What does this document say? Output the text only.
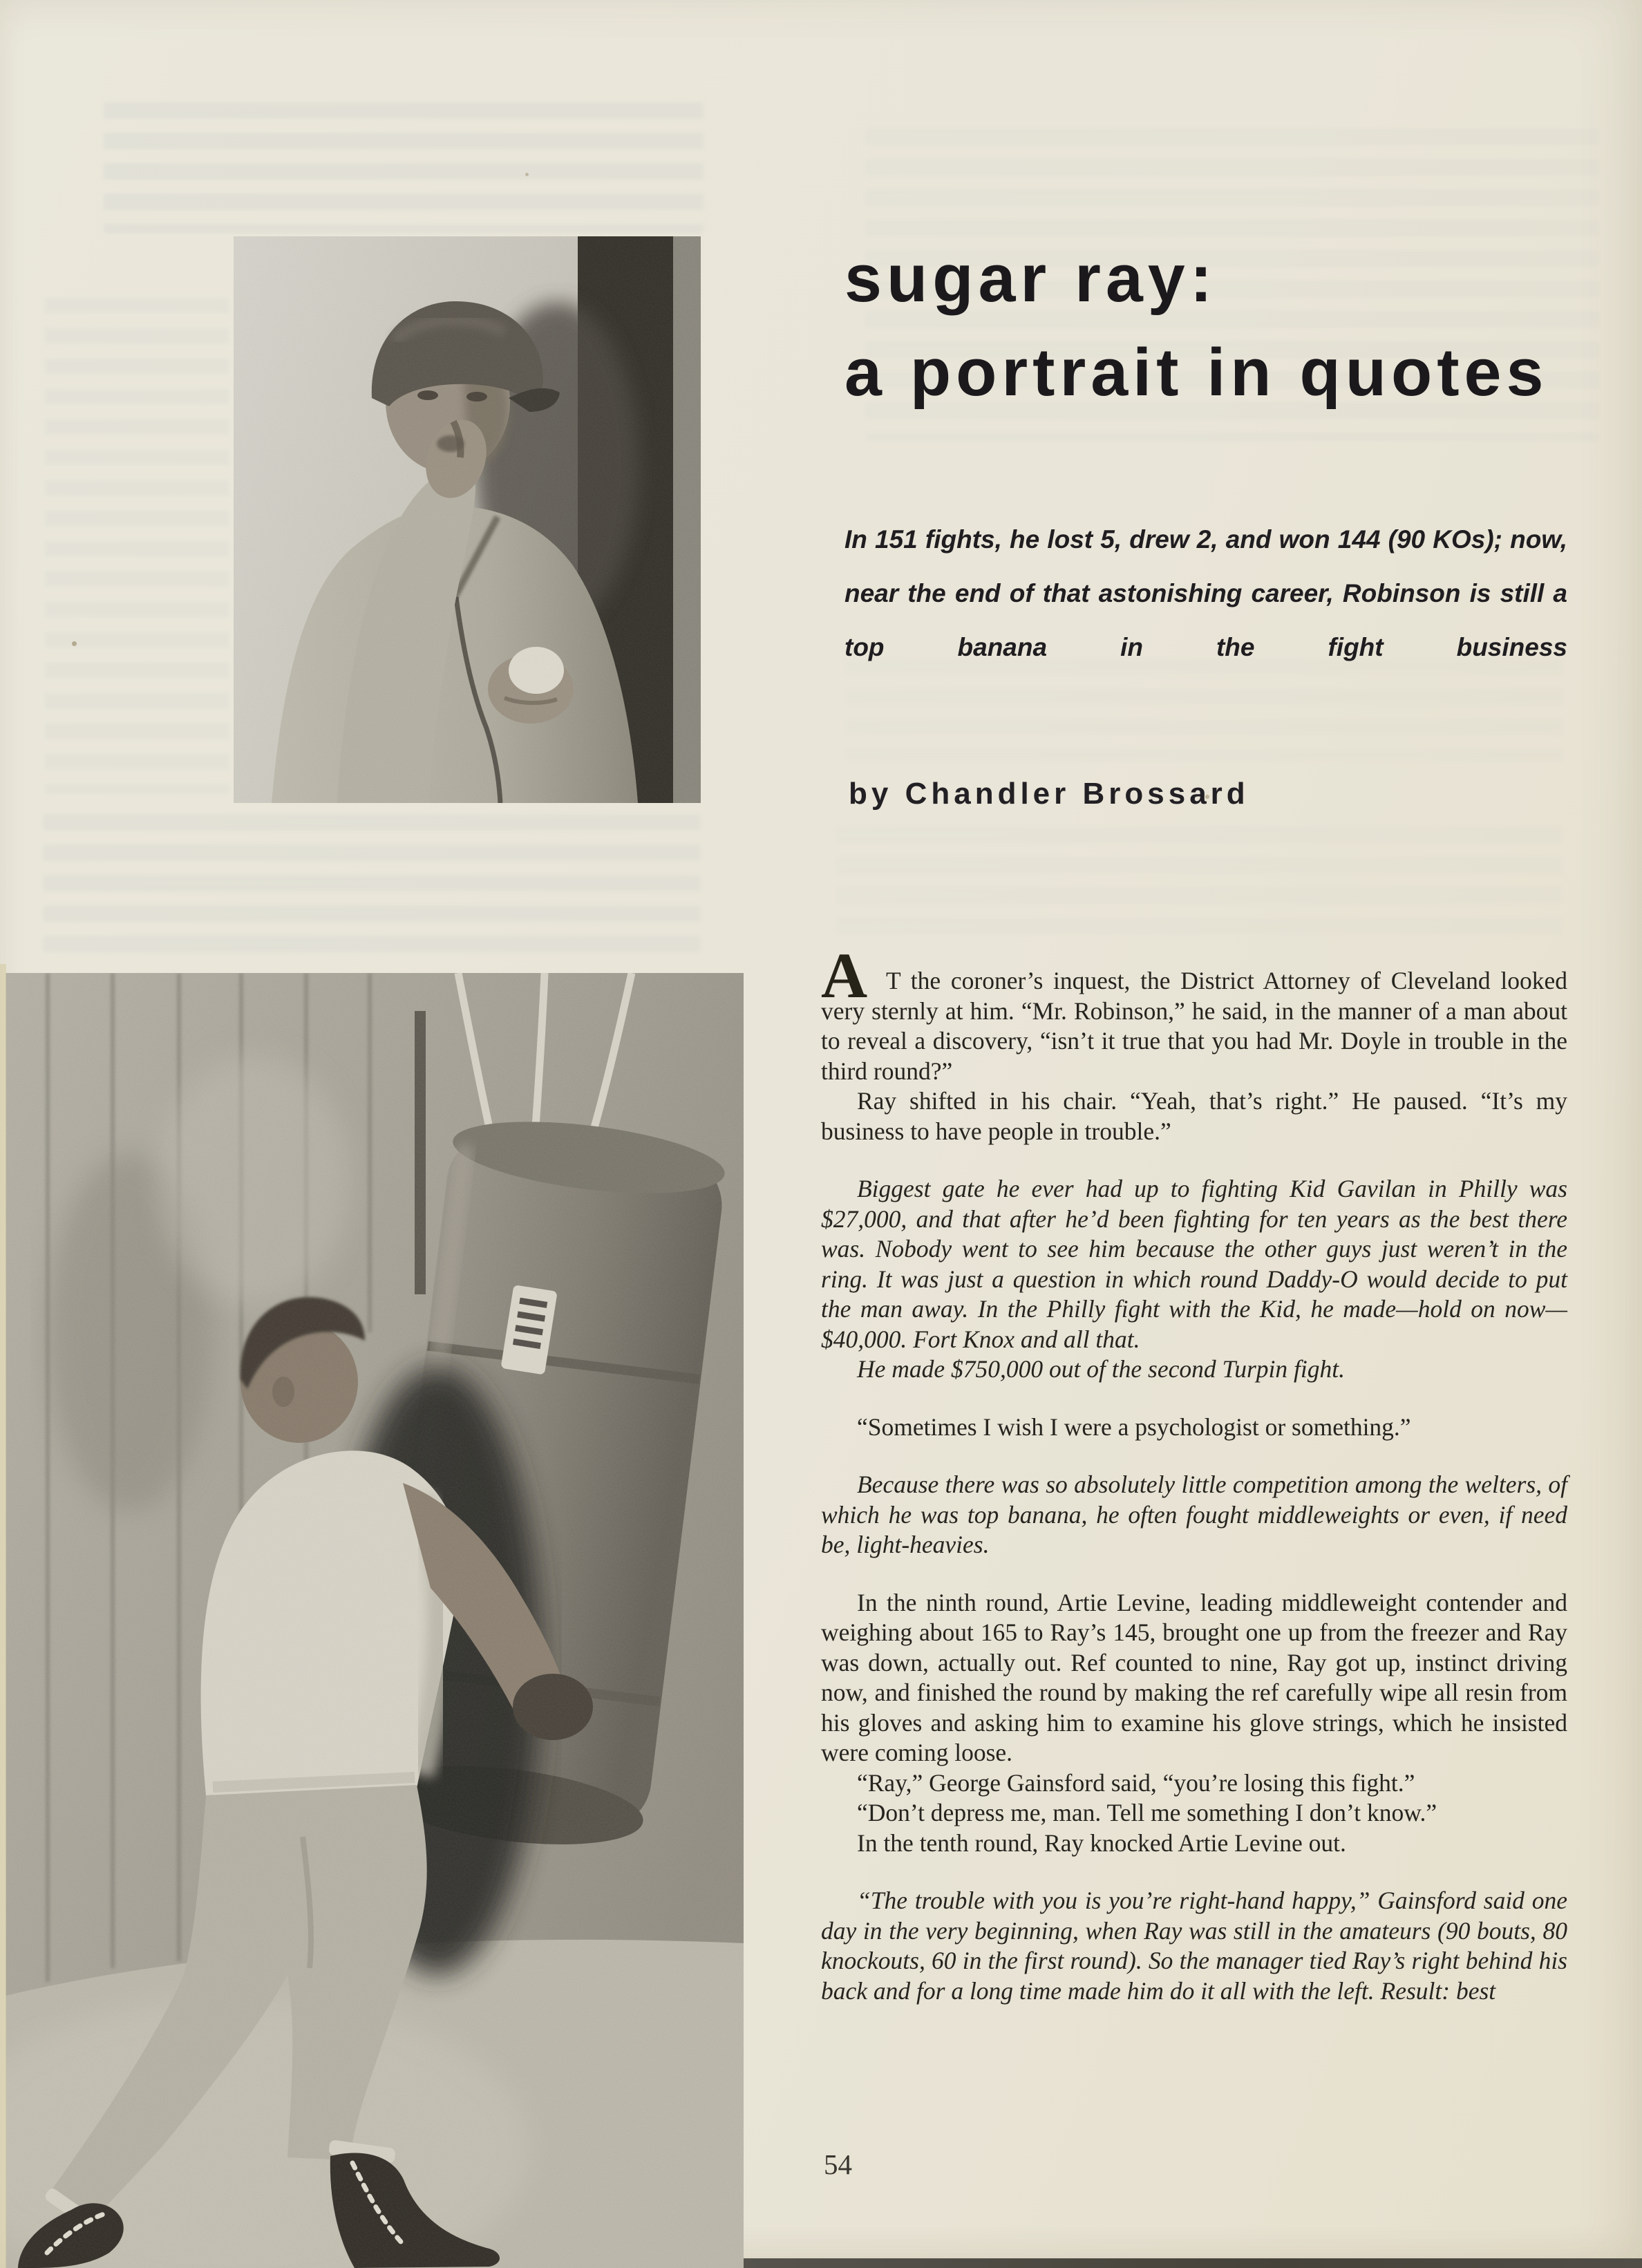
sugar ray:
a portrait in quotes

In 151 fights, he lost 5, drew 2, and won 144 (90 KOs); now, near the end of that astonishing career, Robinson is still a top banana in the fight business

by Chandler Brossard

A T the coroner’s inquest, the District Attorney of Cleveland looked very sternly at him. “Mr. Robinson,” he said, in the manner of a man about to reveal a discovery, “isn’t it true that you had Mr. Doyle in trouble in the third round?”

Ray shifted in his chair. “Yeah, that’s right.” He paused. “It’s my business to have people in trouble.”

Biggest gate he ever had up to fighting Kid Gavilan in Philly was $27,000, and that after he’d been fighting for ten years as the best there was. Nobody went to see him because the other guys just weren’t in the ring. It was just a question in which round Daddy-O would decide to put the man away. In the Philly fight with the Kid, he made—hold on now—$40,000. Fort Knox and all that.

He made $750,000 out of the second Turpin fight.

“Sometimes I wish I were a psychologist or something.”

Because there was so absolutely little competition among the welters, of which he was top banana, he often fought middleweights or even, if need be, light-heavies.

In the ninth round, Artie Levine, leading middleweight contender and weighing about 165 to Ray’s 145, brought one up from the freezer and Ray was down, actually out. Ref counted to nine, Ray got up, instinct driving now, and finished the round by making the ref carefully wipe all resin from his gloves and asking him to examine his glove strings, which he insisted were coming loose.

“Ray,” George Gainsford said, “you’re losing this fight.”

“Don’t depress me, man. Tell me something I don’t know.”

In the tenth round, Ray knocked Artie Levine out.

“The trouble with you is you’re right-hand happy,” Gainsford said one day in the very beginning, when Ray was still in the amateurs (90 bouts, 80 knockouts, 60 in the first round). So the manager tied Ray’s right behind his back and for a long time made him do it all with the left. Result: best

54
